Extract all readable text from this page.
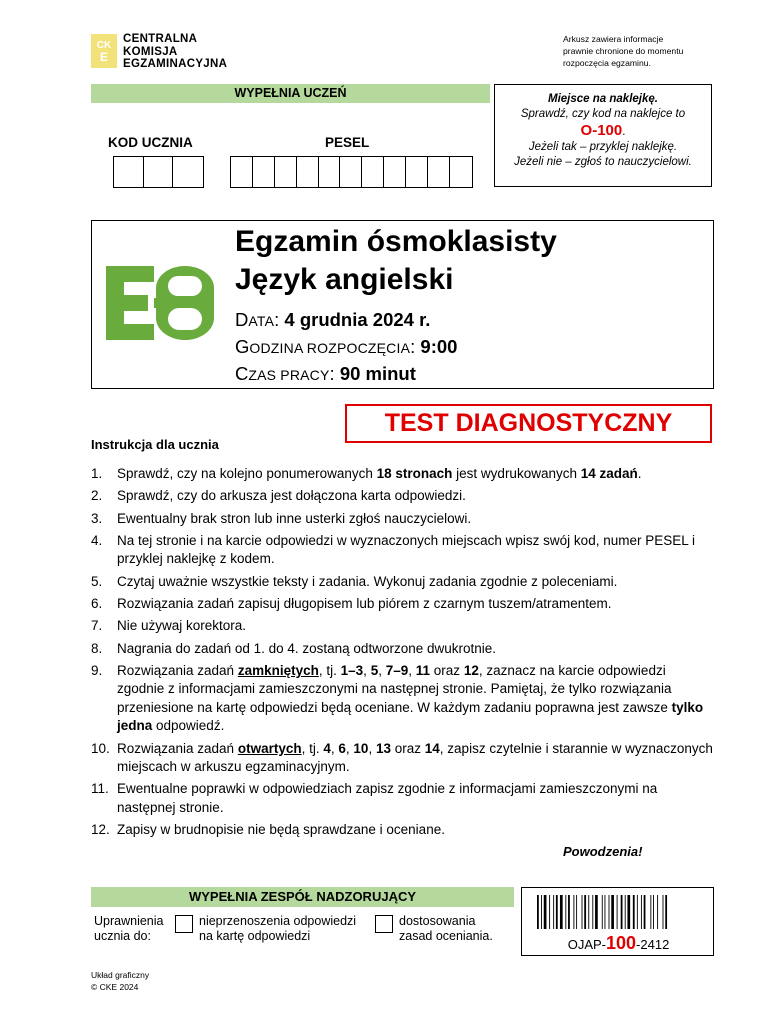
CK
E
CENTRALNA
KOMISJA
EGZAMINACYJNA
Arkusz zawiera informacje
prawnie chronione do momentu
rozpoczęcia egzaminu.
WYPEŁNIA UCZEŃ
KOD UCZNIA	PESEL
Miejsce na naklejkę.
Sprawdź, czy kod na naklejce to
O-100.
Jeżeli tak – przyklej naklejkę.
Jeżeli nie – zgłoś to nauczycielowi.
Egzamin ósmoklasisty
Język angielski
DATA: 4 grudnia 2024 r.
GODZINA ROZPOCZĘCIA: 9:00
CZAS PRACY: 90 minut
TEST DIAGNOSTYCZNY
Instrukcja dla ucznia
1. Sprawdź, czy na kolejno ponumerowanych 18 stronach jest wydrukowanych 14 zadań.
2. Sprawdź, czy do arkusza jest dołączona karta odpowiedzi.
3. Ewentualny brak stron lub inne usterki zgłoś nauczycielowi.
4. Na tej stronie i na karcie odpowiedzi w wyznaczonych miejscach wpisz swój kod, numer PESEL i przyklej naklejkę z kodem.
5. Czytaj uważnie wszystkie teksty i zadania. Wykonuj zadania zgodnie z poleceniami.
6. Rozwiązania zadań zapisuj długopisem lub piórem z czarnym tuszem/atramentem.
7. Nie używaj korektora.
8. Nagrania do zadań od 1. do 4. zostaną odtworzone dwukrotnie.
9. Rozwiązania zadań zamkniętych, tj. 1–3, 5, 7–9, 11 oraz 12, zaznacz na karcie odpowiedzi zgodnie z informacjami zamieszczonymi na następnej stronie. Pamiętaj, że tylko rozwiązania przeniesione na kartę odpowiedzi będą oceniane. W każdym zadaniu poprawna jest zawsze tylko jedna odpowiedź.
10. Rozwiązania zadań otwartych, tj. 4, 6, 10, 13 oraz 14, zapisz czytelnie i starannie w wyznaczonych miejscach w arkuszu egzaminacyjnym.
11. Ewentualne poprawki w odpowiedziach zapisz zgodnie z informacjami zamieszczonymi na następnej stronie.
12. Zapisy w brudnopisie nie będą sprawdzane i oceniane.
Powodzenia!
WYPEŁNIA ZESPÓŁ NADZORUJĄCY
Uprawnienia
ucznia do:
nieprzenoszenia odpowiedzi
na kartę odpowiedzi
dostosowania
zasad oceniania.
OJAP-100-2412
Układ graficzny
© CKE 2024
